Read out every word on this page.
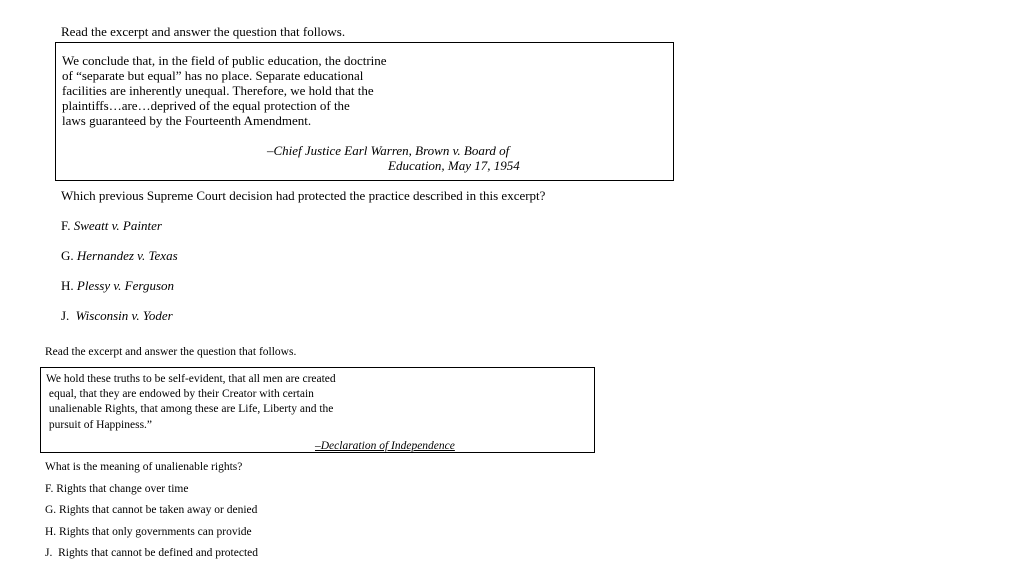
Read the excerpt and answer the question that follows.
We conclude that, in the field of public education, the doctrine
of “separate but equal” has no place. Separate educational
facilities are inherently unequal. Therefore, we hold that the
plaintiffs…are…deprived of the equal protection of the
laws guaranteed by the Fourteenth Amendment.
–Chief Justice Earl Warren, Brown v. Board of
Education, May 17, 1954
Which previous Supreme Court decision had protected the practice described in this excerpt?
F. Sweatt v. Painter
G. Hernandez v. Texas
H. Plessy v. Ferguson
J. Wisconsin v. Yoder
Read the excerpt and answer the question that follows.
We hold these truths to be self-evident, that all men are created
equal, that they are endowed by their Creator with certain
unalienable Rights, that among these are Life, Liberty and the
pursuit of Happiness.”
–Declaration of Independence
What is the meaning of unalienable rights?
F. Rights that change over time
G. Rights that cannot be taken away or denied
H. Rights that only governments can provide
J.  Rights that cannot be defined and protected
